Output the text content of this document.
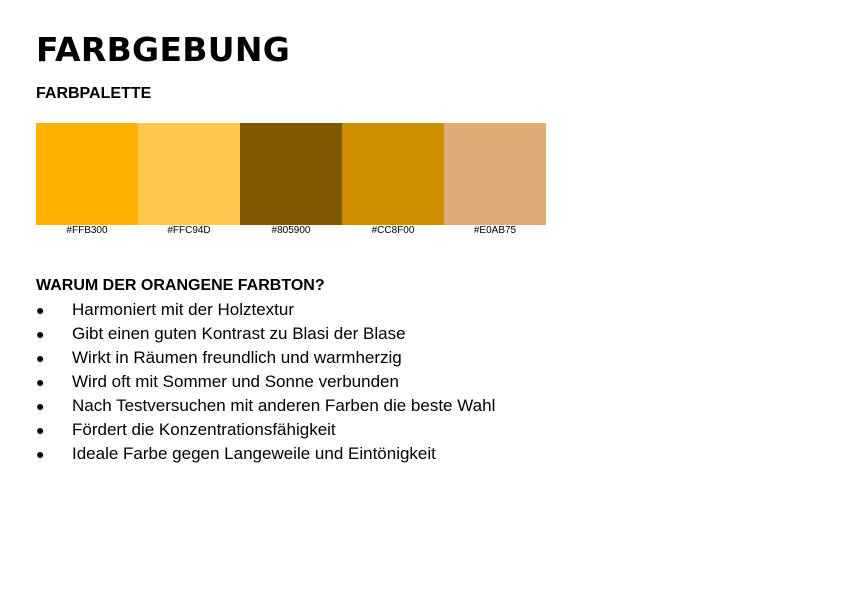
FARBGEBUNG
FARBPALETTE
#FFB300	#FFC94D	#805900	#CC8F00	#E0AB75
WARUM DER ORANGENE FARBTON?
●	Harmoniert mit der Holztextur
●	Gibt einen guten Kontrast zu Blasi der Blase
●	Wirkt in Räumen freundlich und warmherzig
●	Wird oft mit Sommer und Sonne verbunden
●	Nach Testversuchen mit anderen Farben die beste Wahl
●	Fördert die Konzentrationsfähigkeit
●	Ideale Farbe gegen Langeweile und Eintönigkeit
